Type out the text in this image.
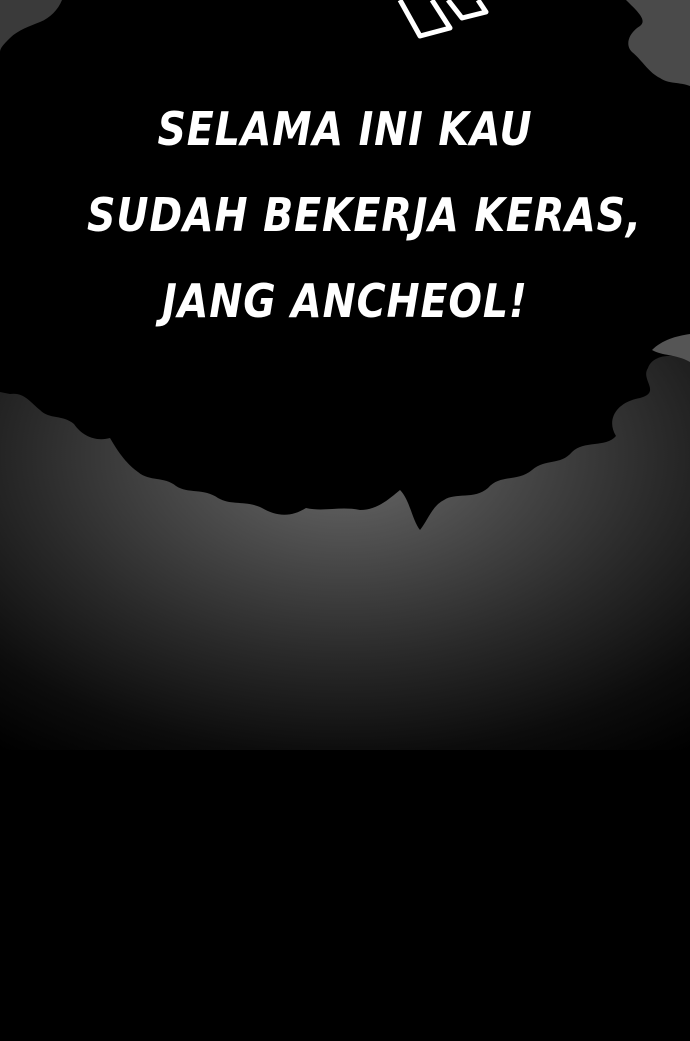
SELAMA INI KAU
SUDAH BEKERJA KERAS,
JANG ANCHEOL!
